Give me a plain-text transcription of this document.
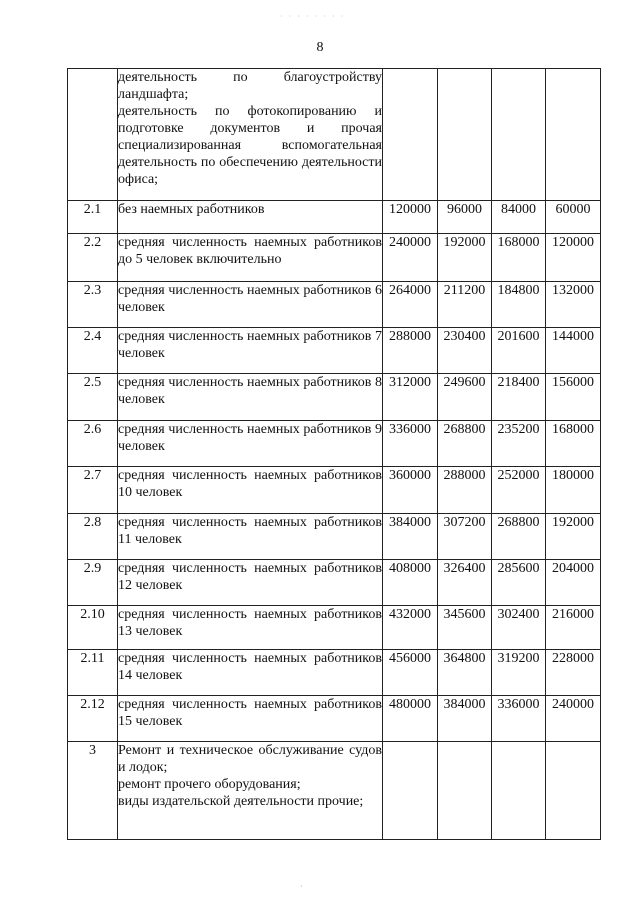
· · · · · · · ·
8

	деятельность по благоустройству ландшафта;
деятельность по фотокопированию и подготовке документов и прочая специализированная вспомогательная деятельность по обеспечению деятельности офиса;				

2.1	без наемных работников	120000	96000	84000	60000
2.2	средняя численность наемных работников до 5 человек включительно	240000	192000	168000	120000
2.3	средняя численность наемных работников 6 человек	264000	211200	184800	132000
2.4	средняя численность наемных работников 7 человек	288000	230400	201600	144000
2.5	средняя численность наемных работников 8 человек	312000	249600	218400	156000
2.6	средняя численность наемных работников 9 человек	336000	268800	235200	168000
2.7	средняя численность наемных работников 10 человек	360000	288000	252000	180000
2.8	средняя численность наемных работников 11 человек	384000	307200	268800	192000
2.9	средняя численность наемных работников 12 человек	408000	326400	285600	204000
2.10	средняя численность наемных работников 13 человек	432000	345600	302400	216000
2.11	средняя численность наемных работников 14 человек	456000	364800	319200	228000
2.12	средняя численность наемных работников 15 человек	480000	384000	336000	240000
3	Ремонт и техническое обслуживание судов и лодок;
ремонт прочего оборудования;
виды издательской деятельности прочие;				

·
